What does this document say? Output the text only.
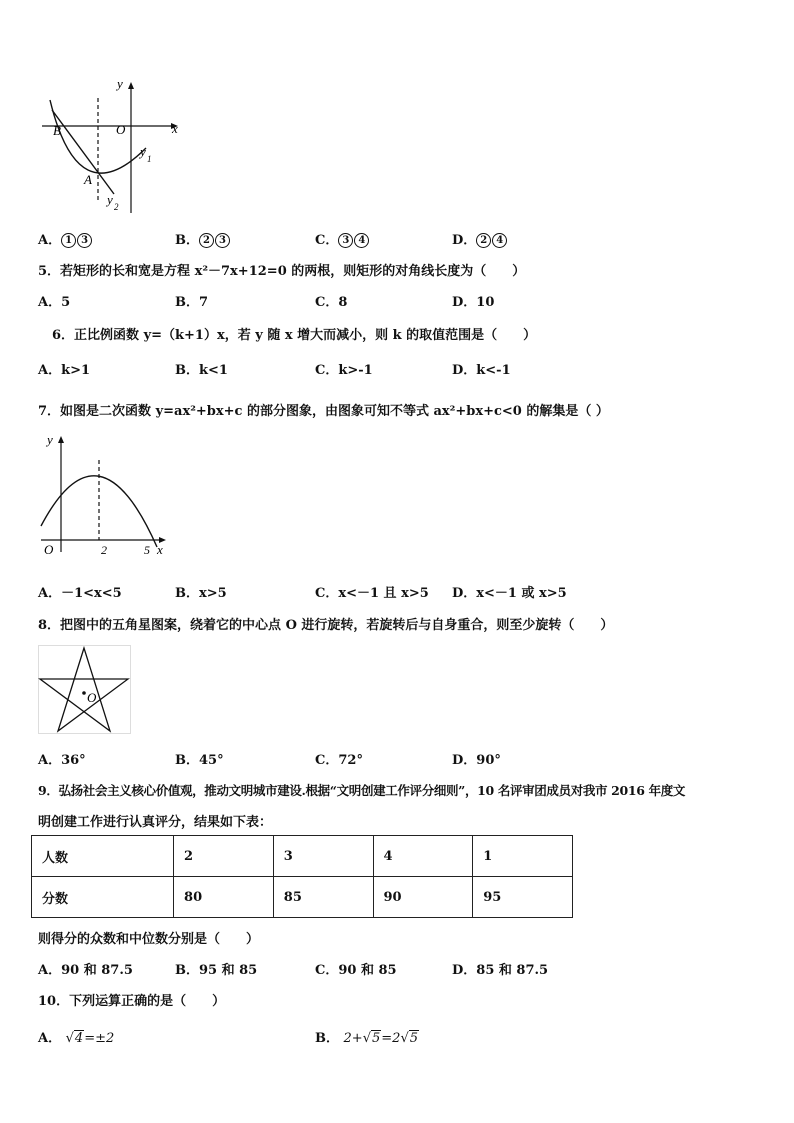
y
x
O
B
A
y 1
y 2
A． 1 3	B． 2 3	C． 3 4	D． 2 4
5．若矩形的长和宽是方程 x²－7x+12=0 的两根，则矩形的对角线长度为（　　）
A．5	B．7	C．8	D．10
6．正比例函数 y=（k+1）x，若 y 随 x 增大而减小，则 k 的取值范围是（　　）
A．k>1	B．k<1	C．k>-1	D．k<-1
7．如图是二次函数 y=ax²+bx+c 的部分图象，由图象可知不等式 ax²+bx+c<0 的解集是（ ）
y
O	2	5 x
A．－1<x<5	B．x>5	C．x<－1 且 x>5 D．x<－1 或 x>5
8．把图中的五角星图案，绕着它的中心点 O 进行旋转，若旋转后与自身重合，则至少旋转（　　）
O
A．36°	B．45°	C．72°	D．90°
9．弘扬社会主义核心价值观，推动文明城市建设.根据“文明创建工作评分细则”，10 名评审团成员对我市 2016 年度文
明创建工作进行认真评分，结果如下表：
人数	2	3	4	1
分数	80	85	90	95
则得分的众数和中位数分别是（　　）
A．90 和 87.5	B．95 和 85	C．90 和 85	D．85 和 87.5
10．下列运算正确的是（　　）
A． √4=±2	B． 2+√5=2√5
